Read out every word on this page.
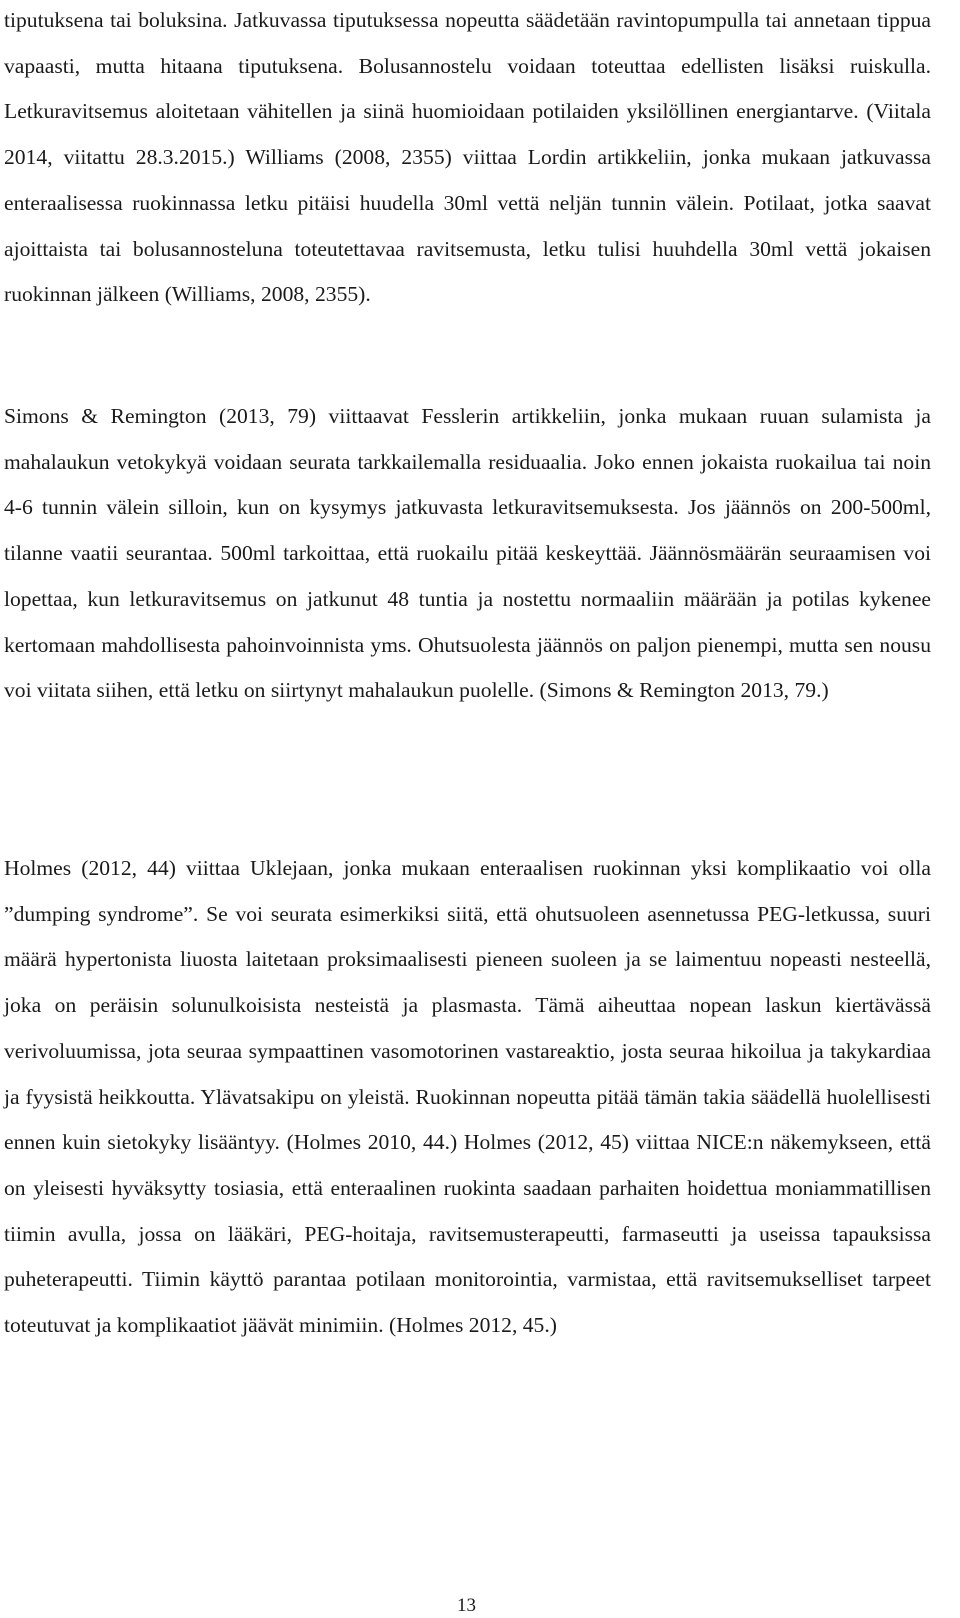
tiputuksena tai boluksina. Jatkuvassa tiputuksessa nopeutta säädetään ravintopumpulla tai annetaan tippua vapaasti, mutta hitaana tiputuksena. Bolusannostelu voidaan toteuttaa edellisten lisäksi ruiskulla. Letkuravitsemus aloitetaan vähitellen ja siinä huomioidaan potilaiden yksilöllinen energiantarve. (Viitala 2014, viitattu 28.3.2015.) Williams (2008, 2355) viittaa Lordin artikkeliin, jonka mukaan jatkuvassa enteraalisessa ruokinnassa letku pitäisi huudella 30ml vettä neljän tunnin välein. Potilaat, jotka saavat ajoittaista tai bolusannosteluna toteutettavaa ravitsemusta, letku tulisi huuhdella 30ml vettä jokaisen ruokinnan jälkeen (Williams, 2008, 2355).

Simons & Remington (2013, 79) viittaavat Fesslerin artikkeliin, jonka mukaan ruuan sulamista ja mahalaukun vetokykyä voidaan seurata tarkkailemalla residuaalia. Joko ennen jokaista ruokailua tai noin 4-6 tunnin välein silloin, kun on kysymys jatkuvasta letkuravitsemuksesta. Jos jäännös on 200-500ml, tilanne vaatii seurantaa. 500ml tarkoittaa, että ruokailu pitää keskeyttää. Jäännösmäärän seuraamisen voi lopettaa, kun letkuravitsemus on jatkunut 48 tuntia ja nostettu normaaliin määrään ja potilas kykenee kertomaan mahdollisesta pahoinvoinnista yms. Ohutsuolesta jäännös on paljon pienempi, mutta sen nousu voi viitata siihen, että letku on siirtynyt mahalaukun puolelle. (Simons & Remington 2013, 79.)

Holmes (2012, 44) viittaa Uklejaan, jonka mukaan enteraalisen ruokinnan yksi komplikaatio voi olla ”dumping syndrome”. Se voi seurata esimerkiksi siitä, että ohutsuoleen asennetussa PEG-letkussa, suuri määrä hypertonista liuosta laitetaan proksimaalisesti pieneen suoleen ja se laimentuu nopeasti nesteellä, joka on peräisin solunulkoisista nesteistä ja plasmasta. Tämä aiheuttaa nopean laskun kiertävässä verivoluumissa, jota seuraa sympaattinen vasomotorinen vastareaktio, josta seuraa hikoilua ja takykardiaa ja fyysistä heikkoutta. Ylävatsakipu on yleistä. Ruokinnan nopeutta pitää tämän takia säädellä huolellisesti ennen kuin sietokyky lisääntyy. (Holmes 2010, 44.) Holmes (2012, 45) viittaa NICE:n näkemykseen, että on yleisesti hyväksytty tosiasia, että enteraalinen ruokinta saadaan parhaiten hoidettua moniammatillisen tiimin avulla, jossa on lääkäri, PEG-hoitaja, ravitsemusterapeutti, farmaseutti ja useissa tapauksissa puheterapeutti. Tiimin käyttö parantaa potilaan monitorointia, varmistaa, että ravitsemukselliset tarpeet toteutuvat ja komplikaatiot jäävät minimiin. (Holmes 2012, 45.)

13
